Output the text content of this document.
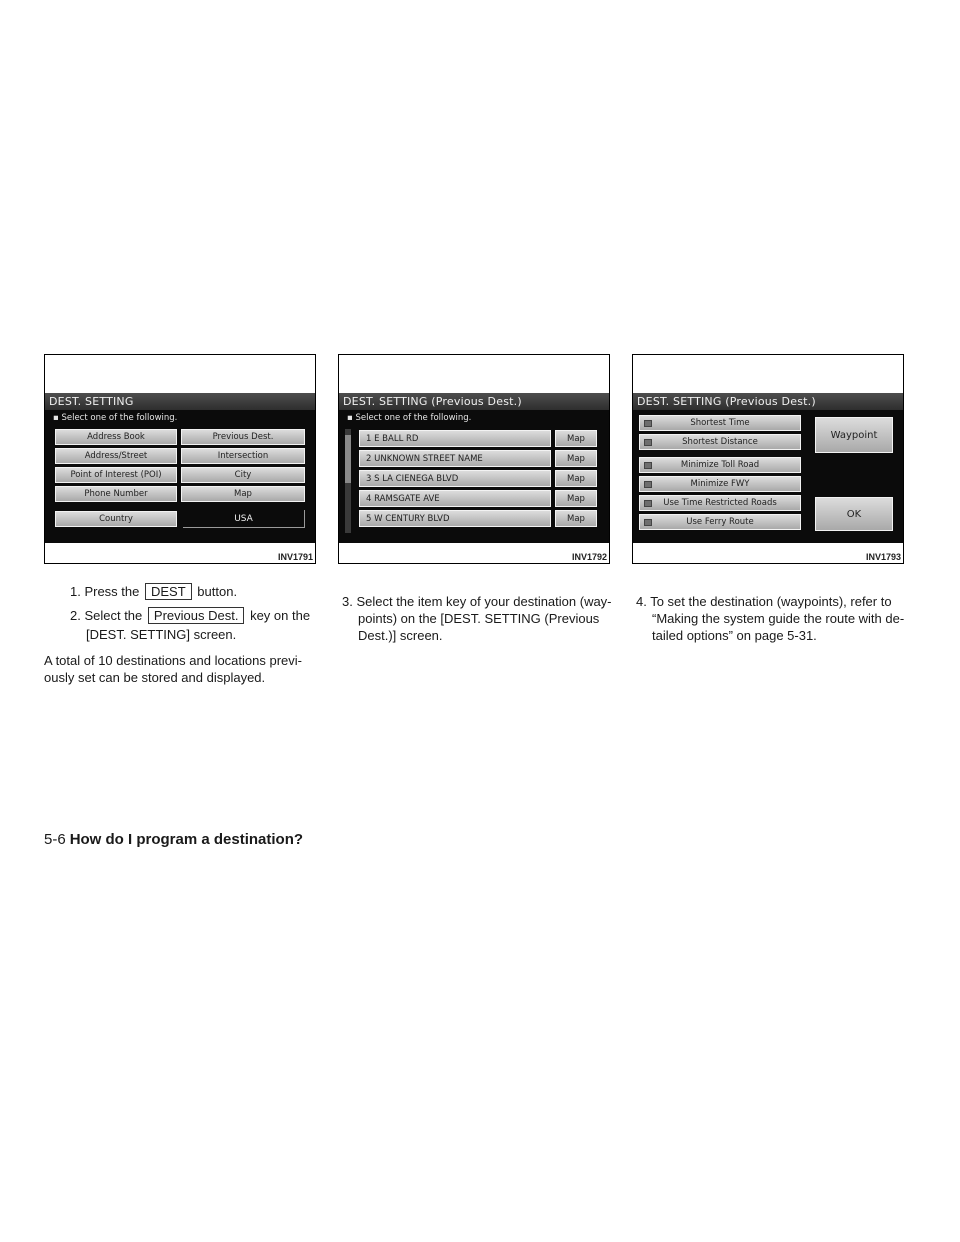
DEST. SETTING
▪ Select one of the following.
Address Book	Previous Dest.
Address/Street	Intersection
Point of Interest (POI)	City
Phone Number	Map
Country	USA
INV1791
DEST. SETTING (Previous Dest.)
▪ Select one of the following.
1 E BALL RD	Map
2 UNKNOWN STREET NAME	Map
3 S LA CIENEGA BLVD	Map
4 RAMSGATE AVE	Map
5 W CENTURY BLVD	Map
INV1792
DEST. SETTING (Previous Dest.)
Shortest Time
Shortest Distance
Minimize Toll Road
Minimize FWY
Use Time Restricted Roads
Use Ferry Route
Waypoint
OK
INV1793
1. Press the DEST button.
2. Select the Previous Dest. key on the
[DEST. SETTING] screen.
A total of 10 destinations and locations previ-
ously set can be stored and displayed.
3. Select the item key of your destination (way-
points) on the [DEST. SETTING (Previous
Dest.)] screen.
4. To set the destination (waypoints), refer to
“Making the system guide the route with de-
tailed options” on page 5-31.
5-6 How do I program a destination?
